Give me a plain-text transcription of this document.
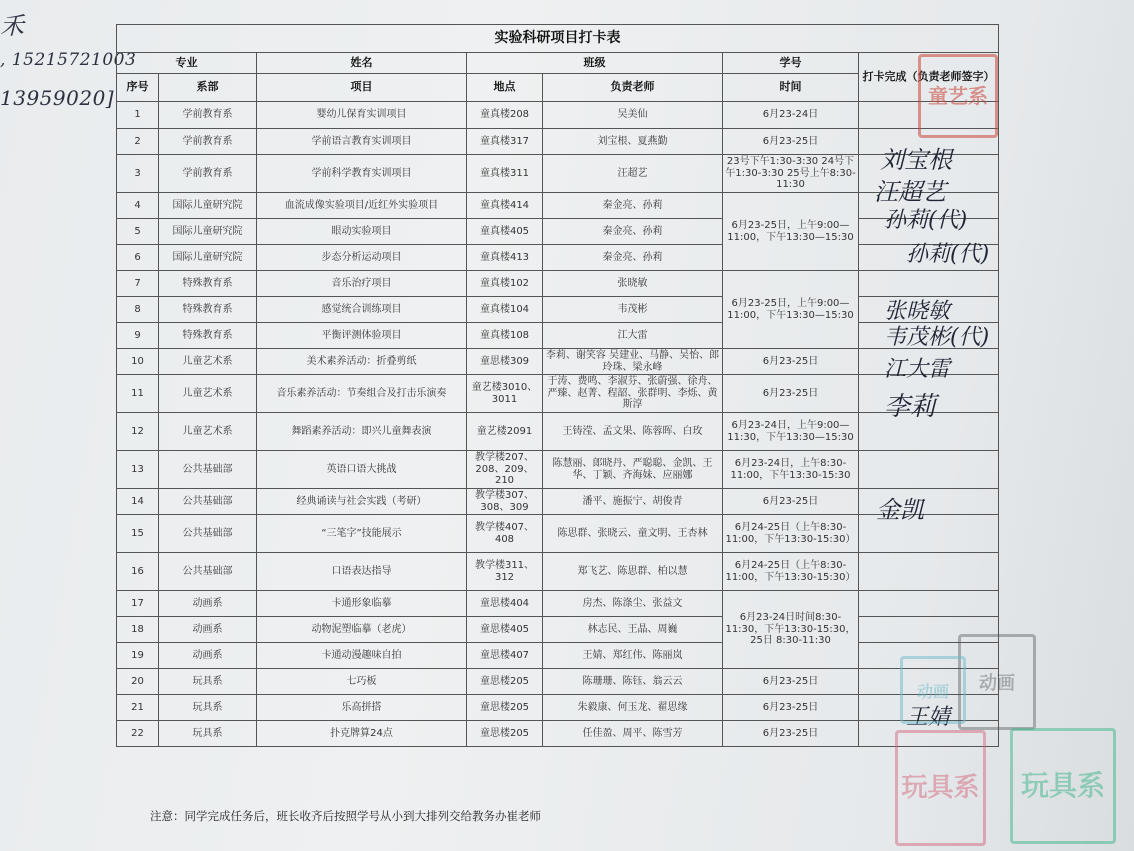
禾
, 15215721003
13959020]
实验科研项目打卡表						
专业		姓名	班级		学号	打卡完成（负责老师签字）
序号	系部	项目	地点	负责老师	时间	
1	学前教育系	婴幼儿保育实训项目	童真楼208	吴美仙	6月23-24日	
2	学前教育系	学前语言教育实训项目	童真楼317	刘宝根、夏燕勤	6月23-25日	
3	学前教育系	学前科学教育实训项目	童真楼311	汪超艺	23号下午1:30-3:30 24号下午1:30-3:30 25号上午8:30-11:30	
4	国际儿童研究院	血流成像实验项目/近红外实验项目	童真楼414	秦金亮、孙莉	6月23-25日，上午9:00—11:00，下午13:30—15:30	
5	国际儿童研究院	眼动实验项目	童真楼405	秦金亮、孙莉		
6	国际儿童研究院	步态分析运动项目	童真楼413	秦金亮、孙莉		
7	特殊教育系	音乐治疗项目	童真楼102	张晓敏	6月23-25日，上午9:00—11:00，下午13:30—15:30	
8	特殊教育系	感觉统合训练项目	童真楼104	韦茂彬		
9	特殊教育系	平衡评测体验项目	童真楼108	江大雷		
10	儿童艺术系	美术素养活动：折叠剪纸	童思楼309	李莉、谢笑容 吴建业、马静、吴怡、郎玲珠、梁永峰	6月23-25日	
11	儿童艺术系	音乐素养活动：节奏组合及打击乐演奏	童艺楼3010、3011	于涛、费鸣、李淑芬、张蔚强、徐舟、严臻、赵菁、程韶、张群明、李烁、黄斯淳	6月23-25日	
12	儿童艺术系	舞蹈素养活动：即兴儿童舞表演	童艺楼2091	王铸滢、孟文果、陈蓉晖、白玫	6月23-24日，上午9:00—11:30，下午13:30—15:30	
13	公共基础部	英语口语大挑战	教学楼207、208、209、210	陈慧丽、郎晓丹、严聪聪、金凯、王华、丁颖、齐海妹、应丽娜	6月23-24日，上午8:30-11:00，下午13:30-15:30	
14	公共基础部	经典诵读与社会实践（考研）	教学楼307、308、309	潘平、施振宁、胡俊青	6月23-25日	
15	公共基础部	“三笔字”技能展示	教学楼407、408	陈思群、张晓云、童文明、王杏林	6月24-25日（上午8:30-11:00，下午13:30-15:30）	
16	公共基础部	口语表达指导	教学楼311、312	郑飞艺、陈思群、柏以慧	6月24-25日（上午8:30-11:00，下午13:30-15:30）	
17	动画系	卡通形象临摹	童思楼404	房杰、陈涤尘、张益文	6月23-24日时间8:30-11:30，下午13:30-15:30，25日 8:30-11:30	
18	动画系	动物泥塑临摹（老虎）	童思楼405	林志民、王晶、周巍		
19	动画系	卡通动漫趣味自拍	童思楼407	王婧、郑红伟、陈丽岚		
20	玩具系	七巧板	童思楼205	陈珊珊、陈钰、翁云云	6月23-25日	
21	玩具系	乐高拼搭	童思楼205	朱毅康、何玉龙、翟思缘	6月23-25日	
22	玩具系	扑克牌算24点	童思楼205	任佳盈、周平、陈雪芳	6月23-25日	
注意：同学完成任务后，班长收齐后按照学号从小到大排列交给教务办崔老师
刘宝根
汪超艺
孙莉(代)
孙莉(代)
张晓敏
韦茂彬(代)
江大雷
李莉
金凯
王婧
童艺系
动画
动画
玩具系	玩具系
